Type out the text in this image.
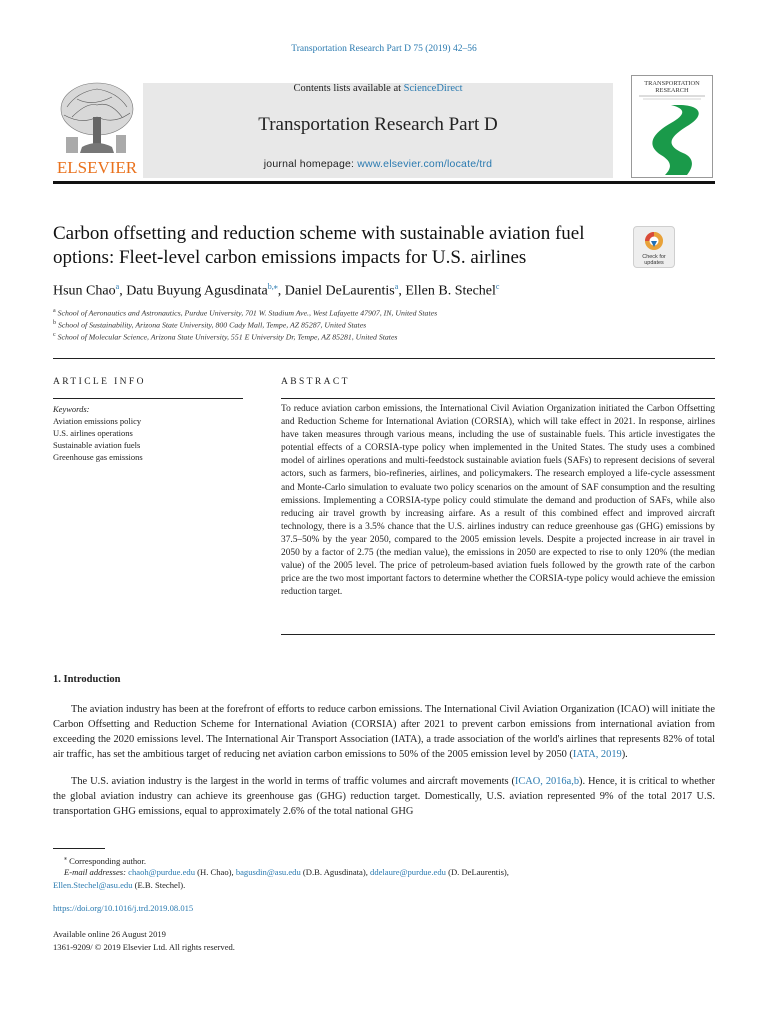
Transportation Research Part D 75 (2019) 42–56
Contents lists available at ScienceDirect
Transportation Research Part D
journal homepage: www.elsevier.com/locate/trd
ELSEVIER
TRANSPORTATION
RESEARCH
Carbon offsetting and reduction scheme with sustainable aviation fuel options: Fleet-level carbon emissions impacts for U.S. airlines	Check for
updates
Hsun Chao$^a$, Datu Buyung Agusdinata$^{b,⁎}$, Daniel DeLaurentis$^a$, Ellen B. Stechel$^c$
$^a$ School of Aeronautics and Astronautics, Purdue University, 701 W. Stadium Ave., West Lafayette 47907, IN, United States
$^b$ School of Sustainability, Arizona State University, 800 Cady Mall, Tempe, AZ 85287, United States
$^c$ School of Molecular Science, Arizona State University, 551 E University Dr, Tempe, AZ 85281, United States
ARTICLE INFO
Keywords:
Aviation emissions policy
U.S. airlines operations
Sustainable aviation fuels
Greenhouse gas emissions
ABSTRACT
To reduce aviation carbon emissions, the International Civil Aviation Organization initiated the Carbon Offsetting and Reduction Scheme for International Aviation (CORSIA), which will take effect in 2021. In response, airlines have taken measures through various means, including the use of sustainable fuels. This article investigates the potential effects of a CORSIA-type policy when implemented in the United States. The study uses a combined model of airlines operations and multi-feedstock sustainable aviation fuels (SAFs) to represent decisions of several actors, such as farmers, bio-refineries, airlines, and policymakers. The research employed a life-cycle assessment and Monte-Carlo simulation to evaluate two policy scenarios on the amount of SAF consumption and the resulting emissions. Implementing a CORSIA-type policy could stimulate the demand and production of SAFs, while also reducing air travel growth by increasing airfare. As a result of this combined effect and improved aircraft technology, there is a 3.5% chance that the U.S. airlines industry can reduce greenhouse gas (GHG) emissions by 37.5–50% by the year 2050, compared to the 2005 emission levels. Despite a projected increase in air travel in 2050 by a factor of 2.75 (the median value), the emissions in 2050 are expected to rise to only 120% (the median value) of the 2005 level. The price of petroleum-based aviation fuels followed by the growth rate of the carbon price are the two most important factors to determine whether the CORSIA-type policy would achieve the emission reduction target.
1. Introduction
The aviation industry has been at the forefront of efforts to reduce carbon emissions. The International Civil Aviation Organization (ICAO) will initiate the Carbon Offsetting and Reduction Scheme for International Aviation (CORSIA) after 2021 to prevent carbon emissions from international aviation from exceeding the 2020 emissions level. The International Air Transport Association (IATA), a trade association of the world's airlines that represents 82% of total air traffic, has set the ambitious target of reducing net aviation carbon emissions to 50% of the 2005 emission level by 2050 (IATA, 2019).
The U.S. aviation industry is the largest in the world in terms of traffic volumes and aircraft movements (ICAO, 2016a,b). Hence, it is critical to whether the global aviation industry can achieve its greenhouse gas (GHG) reduction target. Domestically, U.S. aviation represented 9% of the total 2017 U.S. transportation GHG emissions, equal to approximately 2.6% of the total national GHG
⁎ Corresponding author.
E-mail addresses: chaoh@purdue.edu (H. Chao), bagusdin@asu.edu (D.B. Agusdinata), ddelaure@purdue.edu (D. DeLaurentis),
Ellen.Stechel@asu.edu (E.B. Stechel).
https://doi.org/10.1016/j.trd.2019.08.015
Available online 26 August 2019
1361-9209/ © 2019 Elsevier Ltd. All rights reserved.
